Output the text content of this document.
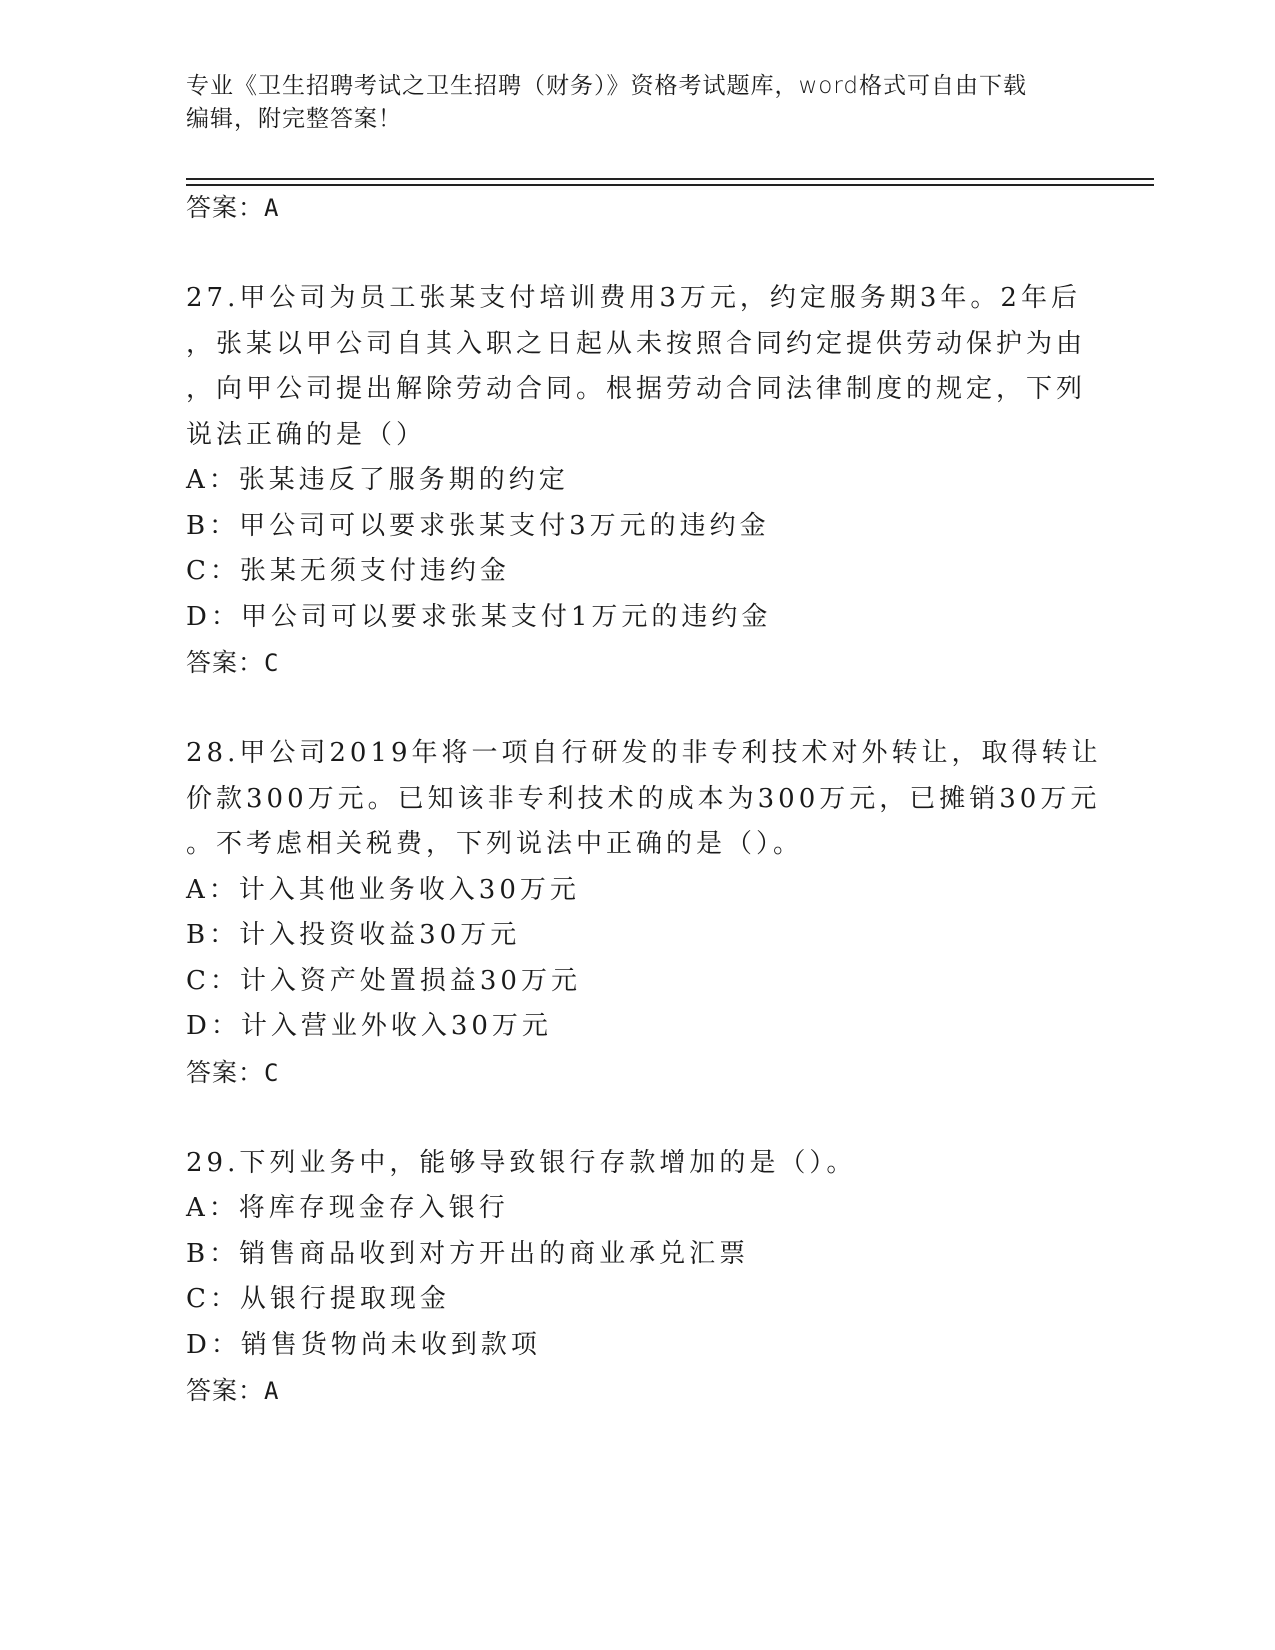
专业《卫生招聘考试之卫生招聘（财务）》资格考试题库，word格式可自由下载
编辑，附完整答案！
答案：A
27.甲公司为员工张某支付培训费用3万元，约定服务期3年。2年后
，张某以甲公司自其入职之日起从未按照合同约定提供劳动保护为由
，向甲公司提出解除劳动合同。根据劳动合同法律制度的规定，下列
说法正确的是（）
A：张某违反了服务期的约定
B：甲公司可以要求张某支付3万元的违约金
C：张某无须支付违约金
D：甲公司可以要求张某支付1万元的违约金
答案：C
28.甲公司2019年将一项自行研发的非专利技术对外转让，取得转让
价款300万元。已知该非专利技术的成本为300万元，已摊销30万元
。不考虑相关税费，下列说法中正确的是（）。
A：计入其他业务收入30万元
B：计入投资收益30万元
C：计入资产处置损益30万元
D：计入营业外收入30万元
答案：C
29.下列业务中，能够导致银行存款增加的是（）。
A：将库存现金存入银行
B：销售商品收到对方开出的商业承兑汇票
C：从银行提取现金
D：销售货物尚未收到款项
答案：A
